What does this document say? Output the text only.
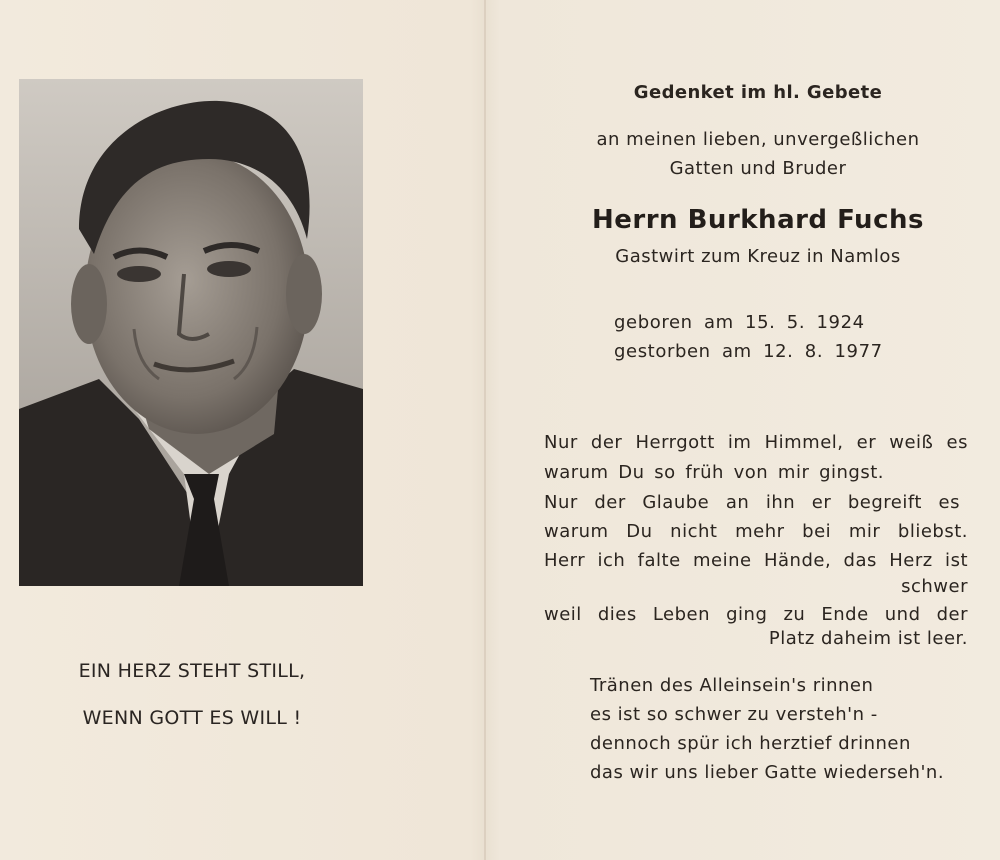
EIN HERZ STEHT STILL,
WENN GOTT ES WILL !
Gedenket im hl. Gebete
an meinen lieben, unvergeßlichen
Gatten und Bruder
Herrn Burkhard Fuchs
Gastwirt zum Kreuz in Namlos
geboren am 15. 5. 1924
gestorben am 12. 8. 1977
Nur der Herrgott im Himmel, er weiß es
warum Du so früh von mir gingst.
Nur der Glaube an ihn er begreift es
warum Du nicht mehr bei mir bliebst.
Herr ich falte meine Hände, das Herz ist
schwer
weil dies Leben ging zu Ende und der
Platz daheim ist leer.
Tränen des Alleinsein's rinnen
es ist so schwer zu versteh'n -
dennoch spür ich herztief drinnen
das wir uns lieber Gatte wiederseh'n.
